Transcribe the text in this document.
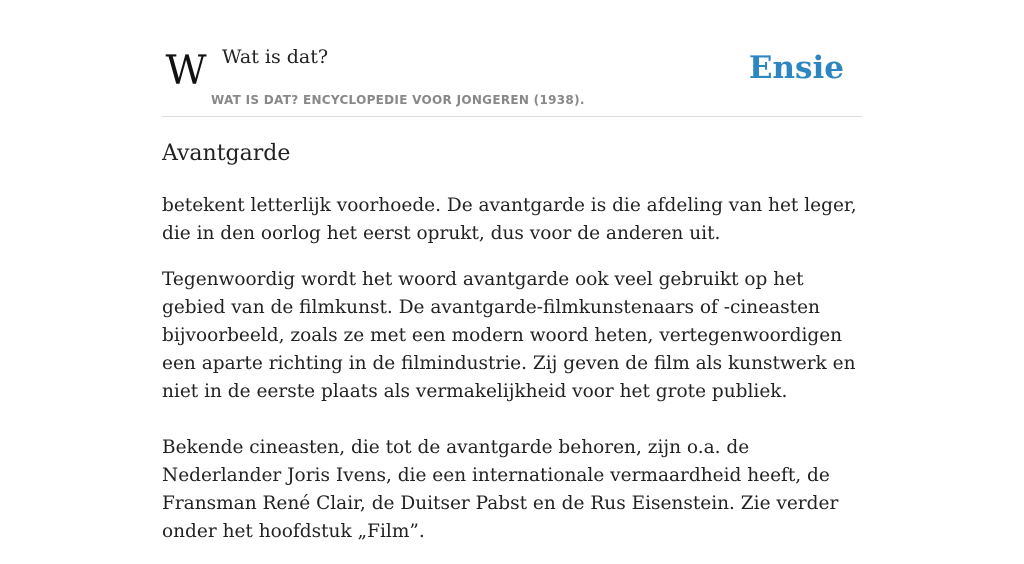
W Wat is dat?
WAT IS DAT? ENCYCLOPEDIE VOOR JONGEREN (1938).
Ensie
Avantgarde

betekent letterlijk voorhoede. De avantgarde is die afdeling van het leger, die in den oorlog het eerst oprukt, dus voor de anderen uit.

Tegenwoordig wordt het woord avantgarde ook veel gebruikt op het gebied van de filmkunst. De avantgarde-filmkunstenaars of -cineasten bijvoorbeeld, zoals ze met een modern woord heten, vertegenwoordigen een aparte richting in de filmindustrie. Zij geven de film als kunstwerk en niet in de eerste plaats als vermakelijkheid voor het grote publiek.

Bekende cineasten, die tot de avantgarde behoren, zijn o.a. de Nederlander Joris Ivens, die een internationale vermaardheid heeft, de Fransman René Clair, de Duitser Pabst en de Rus Eisenstein. Zie verder onder het hoofdstuk „Film”.
